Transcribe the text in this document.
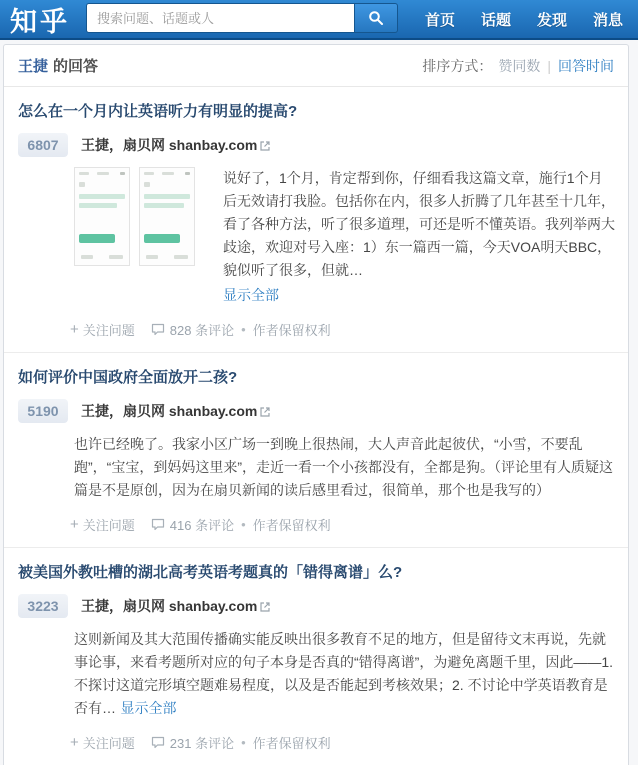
知乎
搜索问题、话题或人	首页 话题 发现 消息
王捷 的回答	排序方式： 赞同数 | 回答时间
怎么在一个月内让英语听力有明显的提高?
6807	王捷，扇贝网 shanbay.com
说好了，1个月，肯定帮到你，仔细看我这篇文章，施行1个月后无效请打我脸。包括你在内，很多人折腾了几年甚至十几年，看了各种方法，听了很多道理，可还是听不懂英语。我列举两大歧途，欢迎对号入座：1）东一篇西一篇，今天VOA明天BBC，貌似听了很多，但就…
显示全部
+ 关注问题	828 条评论 • 作者保留权利
如何评价中国政府全面放开二孩?
5190	王捷，扇贝网 shanbay.com
也许已经晚了。我家小区广场一到晚上很热闹，大人声音此起彼伏，“小雪，不要乱跑”，“宝宝，到妈妈这里来”，走近一看一个小孩都没有，全都是狗。（评论里有人质疑这篇是不是原创，因为在扇贝新闻的读后感里看过，很简单，那个也是我写的）
+ 关注问题	416 条评论 • 作者保留权利
被美国外教吐槽的湖北高考英语考题真的「错得离谱」么?
3223	王捷，扇贝网 shanbay.com
这则新闻及其大范围传播确实能反映出很多教育不足的地方，但是留待文末再说，先就事论事，来看考题所对应的句子本身是否真的“错得离谱”，为避免离题千里，因此——1. 不探讨这道完形填空题难易程度，以及是否能起到考核效果；2. 不讨论中学英语教育是否有… 显示全部
+ 关注问题	231 条评论 • 作者保留权利
